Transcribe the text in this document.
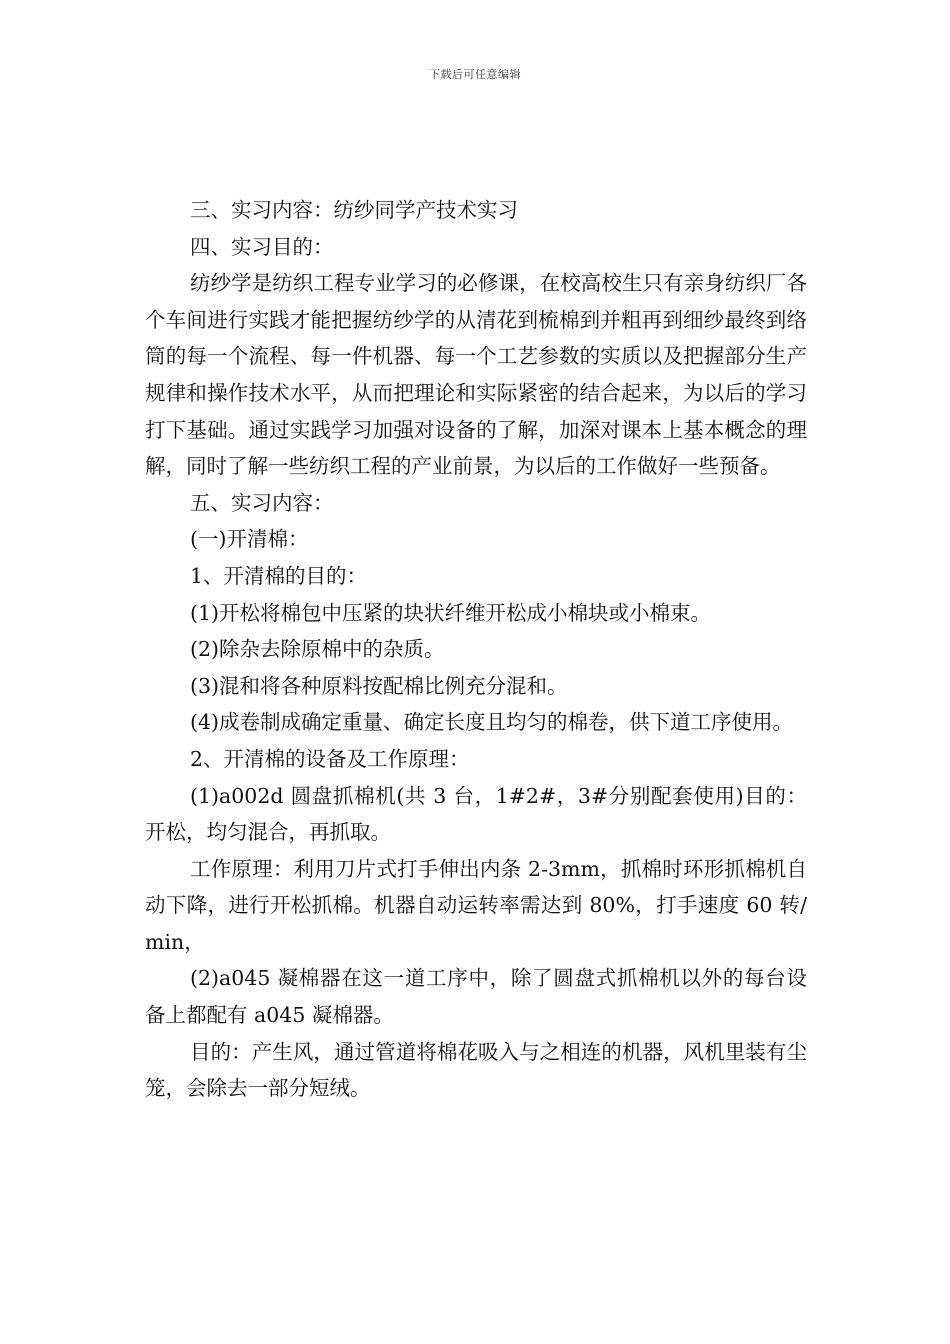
下载后可任意编辑

三、实习内容：纺纱同学产技术实习

四、实习目的：

纺纱学是纺织工程专业学习的必修课，在校高校生只有亲身纺织厂各个车间进行实践才能把握纺纱学的从清花到梳棉到并粗再到细纱最终到络筒的每一个流程、每一件机器、每一个工艺参数的实质以及把握部分生产规律和操作技术水平，从而把理论和实际紧密的结合起来，为以后的学习打下基础。通过实践学习加强对设备的了解，加深对课本上基本概念的理解，同时了解一些纺织工程的产业前景，为以后的工作做好一些预备。

五、实习内容：

(一)开清棉：

1、开清棉的目的：

(1)开松将棉包中压紧的块状纤维开松成小棉块或小棉束。

(2)除杂去除原棉中的杂质。

(3)混和将各种原料按配棉比例充分混和。

(4)成卷制成确定重量、确定长度且均匀的棉卷，供下道工序使用。

2、开清棉的设备及工作原理：

(1)a002d 圆盘抓棉机(共 3 台，1#2#，3#分别配套使用)目的：开松，均匀混合，再抓取。

工作原理：利用刀片式打手伸出内条 2-3mm，抓棉时环形抓棉机自动下降，进行开松抓棉。机器自动运转率需达到 80%，打手速度 60 转/min，

(2)a045 凝棉器在这一道工序中，除了圆盘式抓棉机以外的每台设备上都配有 a045 凝棉器。

目的：产生风，通过管道将棉花吸入与之相连的机器，风机里装有尘笼，会除去一部分短绒。
